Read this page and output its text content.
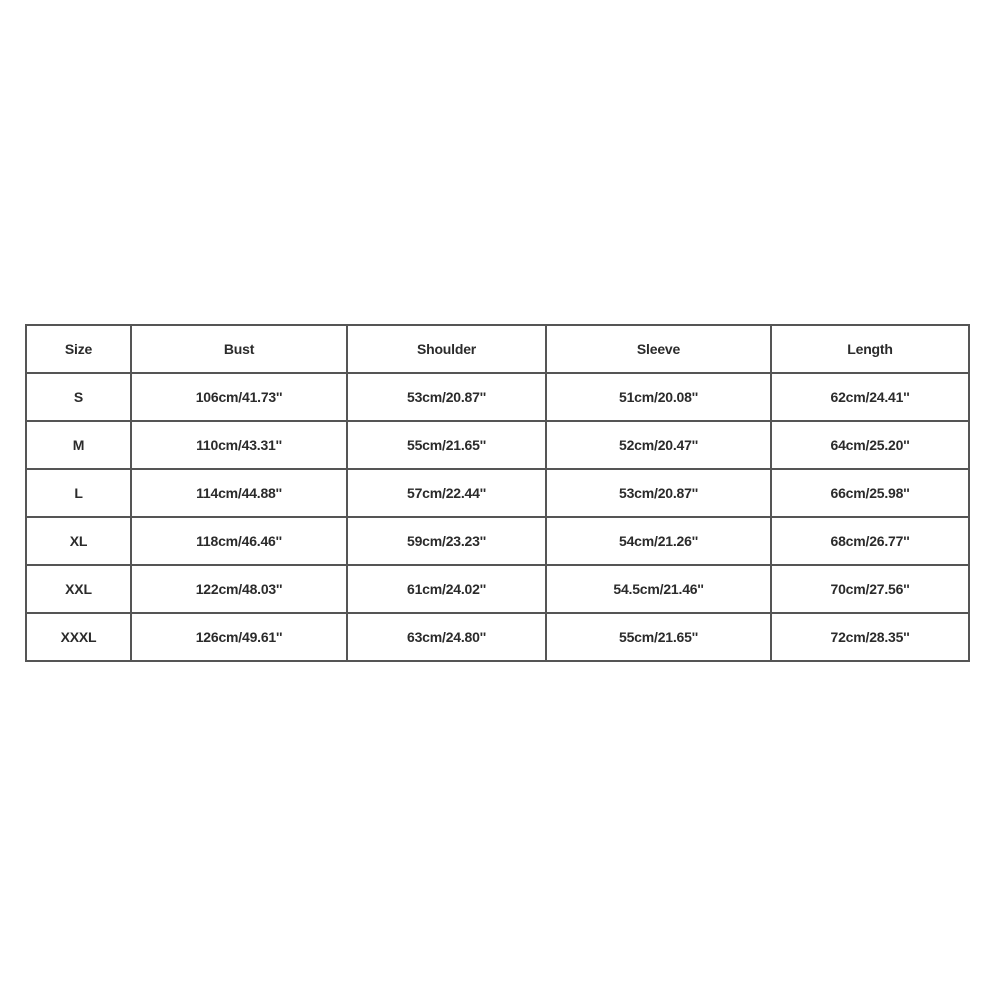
Size	Bust	Shoulder	Sleeve	Length
S	106cm/41.73''	53cm/20.87''	51cm/20.08''	62cm/24.41''
M	110cm/43.31''	55cm/21.65''	52cm/20.47''	64cm/25.20''
L	114cm/44.88''	57cm/22.44''	53cm/20.87''	66cm/25.98''
XL	118cm/46.46''	59cm/23.23''	54cm/21.26''	68cm/26.77''
XXL	122cm/48.03''	61cm/24.02''	54.5cm/21.46''	70cm/27.56''
XXXL	126cm/49.61''	63cm/24.80''	55cm/21.65''	72cm/28.35''
